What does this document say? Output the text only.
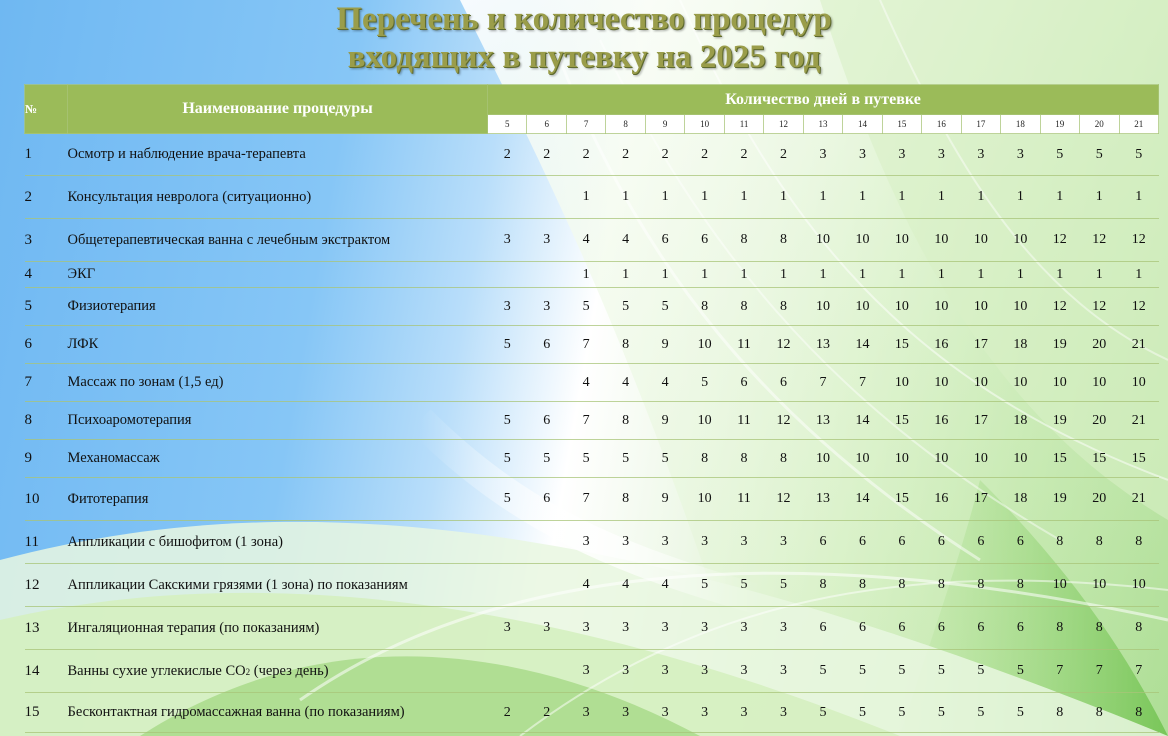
Перечень и количество процедур
входящих в путевку на 2025 год
№	Наименование процедуры	Количество дней в путевке																
		5	6	7	8	9	10	11	12	13	14	15	16	17	18	19	20	21
1	Осмотр и наблюдение врача-терапевта	2	2	2	2	2	2	2	2	3	3	3	3	3	3	5	5	5
2	Консультация невролога (ситуационно)			1	1	1	1	1	1	1	1	1	1	1	1	1	1	1
3	Общетерапевтическая ванна с лечебным экстрактом	3	3	4	4	6	6	8	8	10	10	10	10	10	10	12	12	12
4	ЭКГ			1	1	1	1	1	1	1	1	1	1	1	1	1	1	1
5	Физиотерапия	3	3	5	5	5	8	8	8	10	10	10	10	10	10	12	12	12
6	ЛФК	5	6	7	8	9	10	11	12	13	14	15	16	17	18	19	20	21
7	Массаж по зонам (1,5 ед)			4	4	4	5	6	6	7	7	10	10	10	10	10	10	10
8	Психоаромотерапия	5	6	7	8	9	10	11	12	13	14	15	16	17	18	19	20	21
9	Механомассаж	5	5	5	5	5	8	8	8	10	10	10	10	10	10	15	15	15
10	Фитотерапия	5	6	7	8	9	10	11	12	13	14	15	16	17	18	19	20	21
11	Аппликации с бишофитом (1 зона)			3	3	3	3	3	3	6	6	6	6	6	6	8	8	8
12	Аппликации Сакскими грязями (1 зона) по показаниям			4	4	4	5	5	5	8	8	8	8	8	8	10	10	10
13	Ингаляционная терапия (по показаниям)	3	3	3	3	3	3	3	3	6	6	6	6	6	6	8	8	8
14	Ванны сухие углекислые СО2 (через день)			3	3	3	3	3	3	5	5	5	5	5	5	7	7	7
15	Бесконтактная гидромассажная ванна (по показаниям)	2	2	3	3	3	3	3	3	5	5	5	5	5	5	8	8	8
